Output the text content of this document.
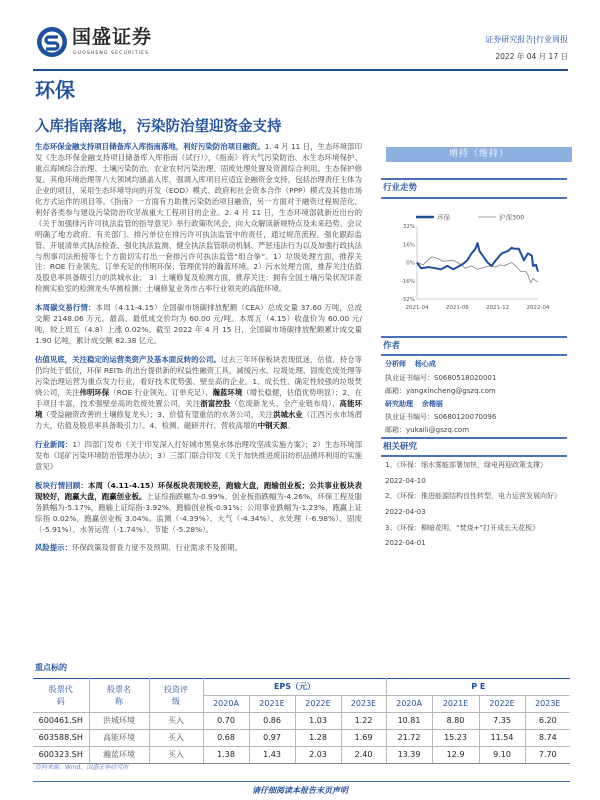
国盛证券
GUOSHENG SECURITIES
证券研究报告|行业周报
2022 年 04 月 17 日
环保
入库指南落地，污染防治望迎资金支持

生态环保金融支持项目储备库入库指南落地，利好污染防治项目融资。1. 4 月 11 日，生态环境部印发《生态环保金融支持项目储备库入库指南（试行）》，《指南》将大气污染防治、水生态环境保护、重点海域综合治理、土壤污染防治、农业农村污染治理、固废处理处置及资源综合利用、生态保护修复、其他环境治理等八大领域均涵盖入库，强调入库项目应适宜金融资金支持，包括治理责任主体为企业的项目，采用生态环境导向的开发（EOD）模式、政府和社会资本合作（PPP）模式及其他市场化方式运作的项目等。《指南》一方面有力助推污染防治项目融资，另一方面对于融资过程规范化，利好各类参与建设污染防治攻坚战重大工程项目的企业。2. 4 月 11 日，生态环境部就新近出台的《关于加强排污许可执法监管的指导意见》举行政策吹风会，向大众解读新规特点及未来趋势。会议明确了地方政府、有关部门、排污单位在排污许可执法监管中的责任，通过规范流程、强化跟踪监管、开展清单式执法检查、强化执法监测、健全执法监管联动机制、严惩违法行为以及加强行政执法与刑事司法衔接等七个方面切实打出一套排污许可执法监管“组合拳”。1）垃圾处理方面，推荐关注：ROE 行业领先、订单充足的伟明环保；管理优异的瀚蓝环境。2）污水处理方面，推荐关注估值及股息率具备吸引力的洪城水业； 3）土壤修复及检测方面，推荐关注：拥有全国土壤污染状况详查检测实验室的检测龙头华测检测；土壤修复业务市占率行业领先的高能环境。

本周碳交易行情：本周（4.11-4.15）全国碳市场碳排放配额（CEA）总成交量 37.60 万吨，总成交额 2148.06 万元。最高、最低成交价均为 60.00 元/吨。本周五（4.15）收盘价为 60.00 元/吨，较上周五（4.8）上涨 0.02%。截至 2022 年 4 月 15 日，全国碳市场碳排放配额累计成交量 1.90 亿吨，累计成交额 82.38 亿元。

估值见底，关注稳定的运营类资产及基本面反转的公司。过去三年环保板块表现低迷，估值、持仓等仍均处于低位，环保 REITs 的出台提供新的权益性融资工具，减缓污水、垃圾处理、固废危废处理等污染治理运营为重点发力行业，看好技术优势强、壁垒高的企业。1、成长性、确定性较强的垃圾焚烧公司，关注伟明环保（ROE 行业领先、订单充足）、瀚蓝环境（增长稳健，估值优势明显）；2、在手项目丰富，技术强壁垒高的危废处置公司，关注浙富控股（危废新龙头、全产业链布局）、高能环境（受益融资改善的土壤修复龙头）；3、价值有望重估的水务公司，关注洪城水业（江西污水市场潜力大，估值及股息率具备吸引力）。4、检测、磁研并行、营收高增的中钢天源。

行业新闻：1）四部门发布《关于印发深入打好城市黑臭水体治理攻坚战实施方案》；2）生态环境部发布《尾矿污染环境防治管理办法》；3）三部门联合印发《关于加快推进废旧纺织品循环利用的实施意见》

板块行情回顾：本周（4.11-4.15）环保板块表现较差，跑输大盘，跑输创业板；公共事业板块表现较好，跑赢大盘，跑赢创业板。上证综指跌幅为-0.99%、创业板指跌幅为-4.26%，环保工程及服务跌幅为-5.17%，跑输上证综指-3.92%，跑输创业板-0.91%；公用事业跌幅为-1.23%，跑赢上证综指 0.02%，跑赢创业板 3.04%。监测（-4.39%）、大气（-4.34%）、水处理（-6.98%）、固废（-5.91%）、水务运营（-1.74%）、节能（-5.28%）。

风险提示：环保政策及督查力度不及预期、行业需求不及预期。

增持（维持）
行业走势
环保	沪深300
32%
16%
0%
-16%
-32%
2021-04	2021-08	2021-12	2022-04
作者
分析师 杨心成
执业证书编号：S0680518020001
邮箱：yangxincheng@gszq.com
研究助理 余楷丽
执业证书编号：S0680120070096
邮箱：yukaili@gszq.com
相关研究
1、《环保：细水雾能部署加快，绿电再迎政策支撑》
2022-04-10
2、《环保：推进能源结构良性转型，电力运营发展向好》
2022-04-03
3、《环保：柳暗花明，“焚烧+”打开成长天花板》
2022-04-01
重点标的
股票代码	股票名称	投资评级	EPS（元）				P E			
			2020A	2021E	2022E	2023E	2020A	2021E	2022E	2023E
600461.SH	洪城环境	买入	0.70	0.86	1.03	1.22	10.81	8.80	7.35	6.20
603588.SH	高能环境	买入	0.68	0.97	1.28	1.69	21.72	15.23	11.54	8.74
600323.SH	瀚蓝环境	买入	1.38	1.43	2.03	2.40	13.39	12.9	9.10	7.70
资料来源：Wind，国盛证券研究所
请仔细阅读本报告末页声明
